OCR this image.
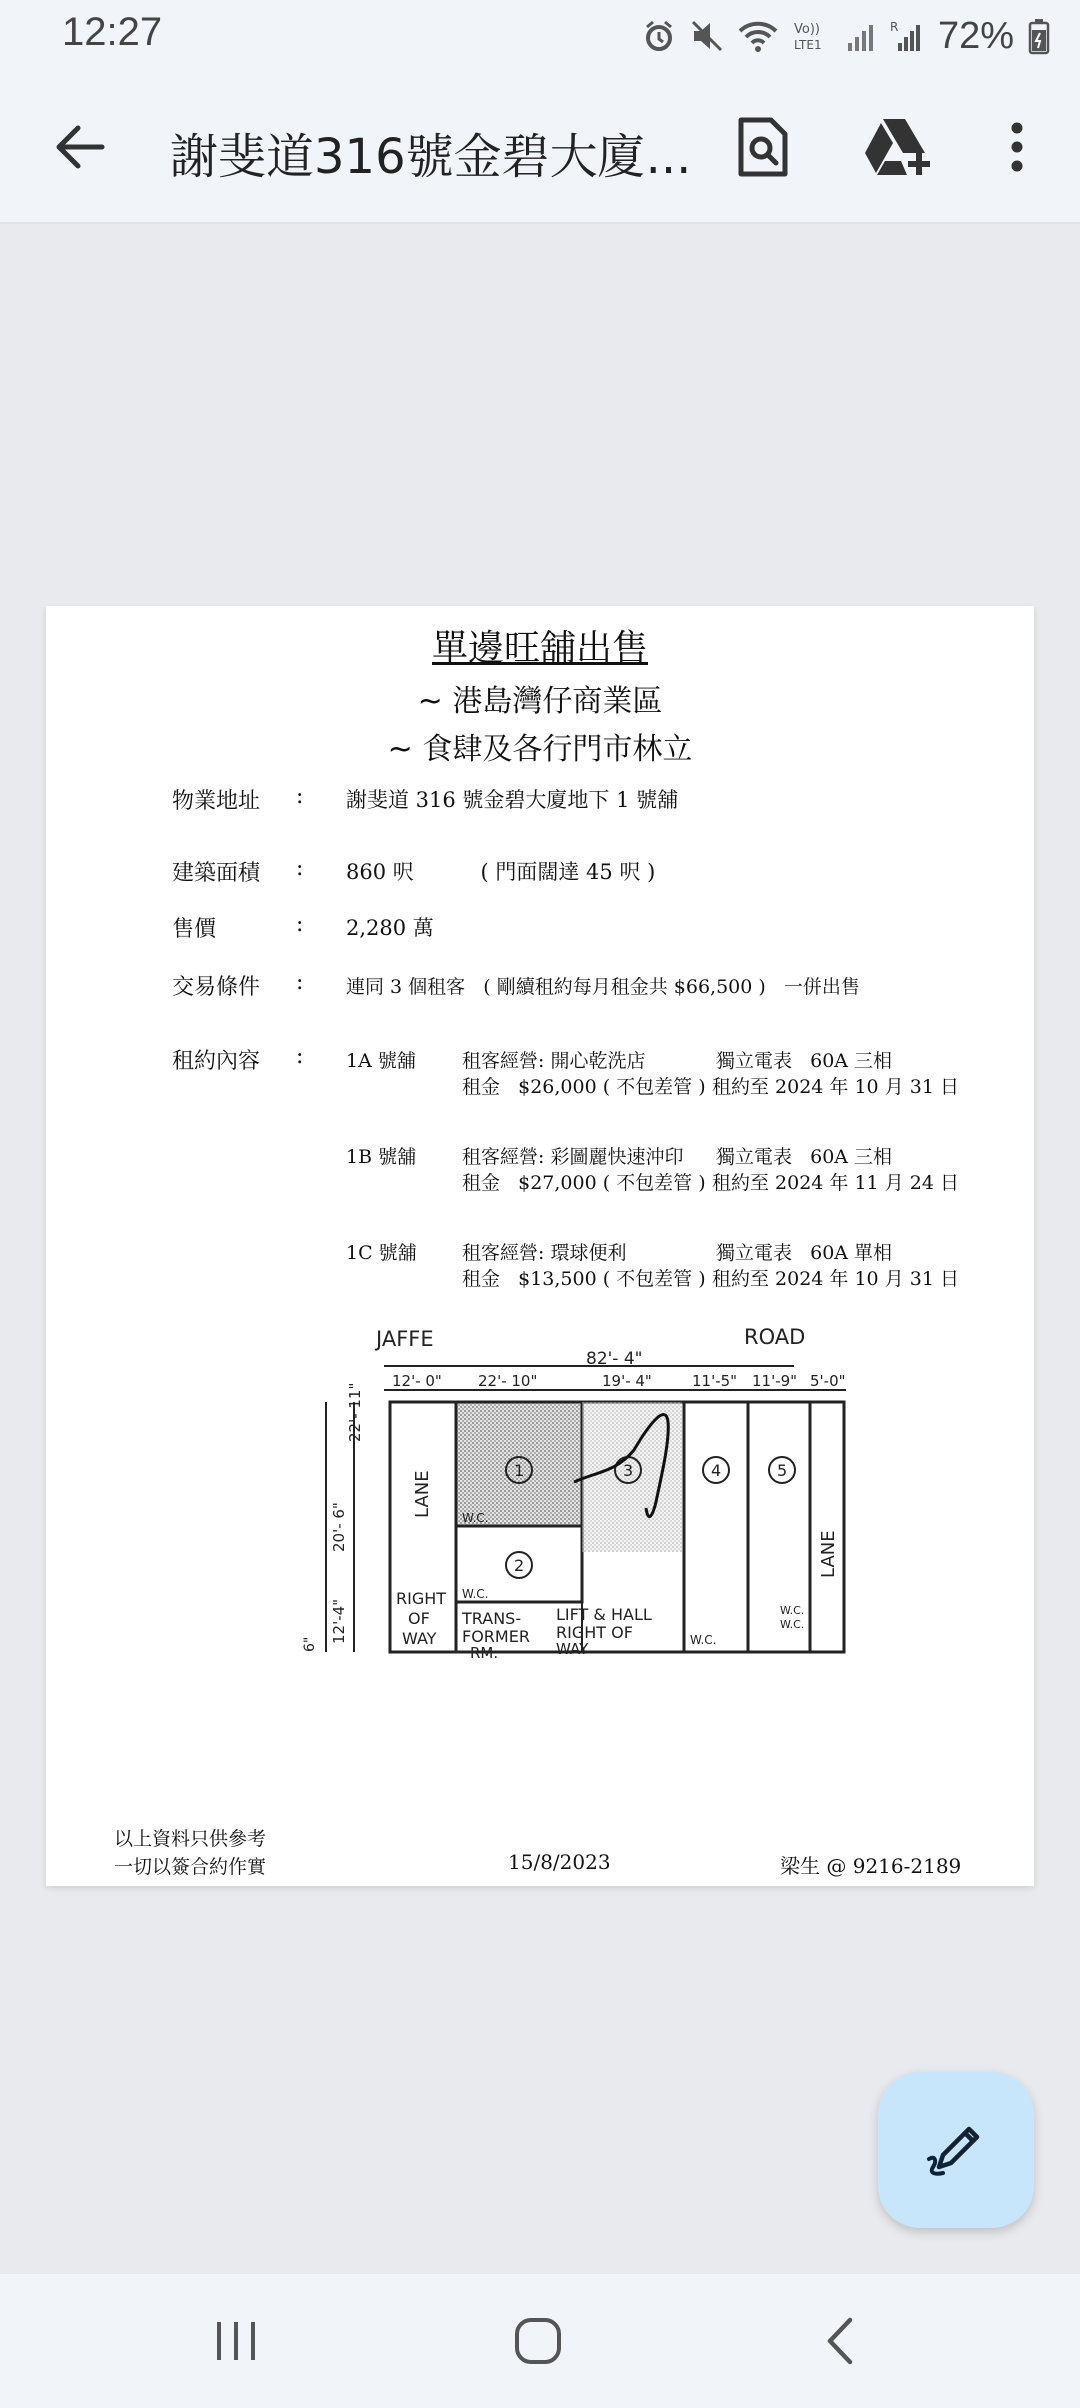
12:27	Vo))
LTE1
R 72%
謝斐道316號金碧大廈...
單邊旺舖出售
~ 港島灣仔商業區
~ 食肆及各行門市林立
物業地址 : 謝斐道 316 號金碧大廈地下 1 號舖
建築面積 : 860 呎          ( 門面闊達 45 呎 )
售價	: 2,280 萬
交易條件 : 連同 3 個租客   ( 剛續租約每月租金共 $66,500 )   一併出售
租約內容 : 1A 號舖 租客經營: 開心乾洗店	獨立電表   60A 三相
租金   $26,000 ( 不包差管 ) 租約至 2024 年 10 月 31 日
1B 號舖 租客經營: 彩圖麗快速沖印 獨立電表   60A 三相
租金   $27,000 ( 不包差管 ) 租約至 2024 年 11 月 24 日
1C 號舖 租客經營: 環球便利	獨立電表   60A 單相
租金   $13,500 ( 不包差管 ) 租約至 2024 年 10 月 31 日
JAFFE	ROAD
82'- 4"
12'- 0" 22'- 10"	19'- 4"	11'-5" 11'-9" 5'-0"
22'- 11"
20'- 6"
12'-4"
6"
LANE
LANE
1
2
3	4	5
W.C.
W.C.
W.C.
W.C.
W.C.
RIGHT
OF
WAY
TRANS-
FORMER
RM.
LIFT & HALL
RIGHT OF
WAY
以上資料只供參考
一切以簽合約作實	15/8/2023	梁生 @ 9216-2189
